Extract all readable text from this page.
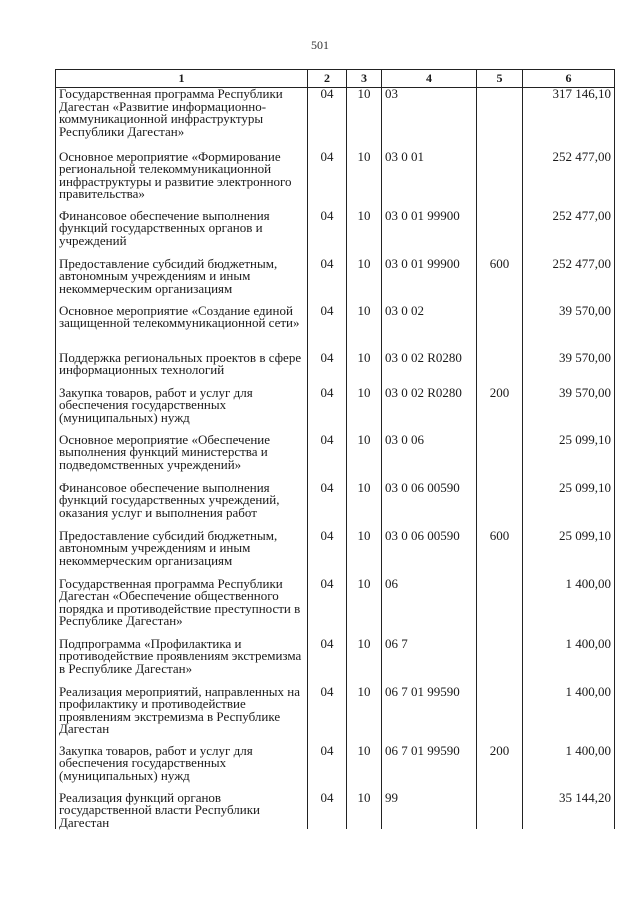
501
1	2	3	4	5	6
Государственная программа Республики Дагестан «Развитие информационно-коммуникационной инфраструктуры Республики Дагестан»	04	10	03		317 146,10
Основное мероприятие «Формирование региональной телекоммуникационной инфраструктуры и развитие электронного правительства»	04	10	03 0 01		252 477,00
Финансовое обеспечение выполнения функций государственных органов и учреждений	04	10	03 0 01 99900		252 477,00
Предоставление субсидий бюджетным, автономным учреждениям и иным некоммерческим организациям	04	10	03 0 01 99900	600	252 477,00
Основное мероприятие «Создание единой защищенной телекоммуникационной сети»	04	10	03 0 02		39 570,00
Поддержка региональных проектов в сфере информационных технологий	04	10	03 0 02 R0280		39 570,00
Закупка товаров, работ и услуг для обеспечения государственных (муниципальных) нужд	04	10	03 0 02 R0280	200	39 570,00
Основное мероприятие «Обеспечение выполнения функций министерства и подведомственных учреждений»	04	10	03 0 06		25 099,10
Финансовое обеспечение выполнения функций государственных учреждений, оказания услуг и выполнения работ	04	10	03 0 06 00590		25 099,10
Предоставление субсидий бюджетным, автономным учреждениям и иным некоммерческим организациям	04	10	03 0 06 00590	600	25 099,10
Государственная программа Республики Дагестан «Обеспечение общественного порядка и противодействие преступности в Республике Дагестан»	04	10	06		1 400,00
Подпрограмма «Профилактика и противодействие проявлениям экстремизма в Республике Дагестан»	04	10	06 7		1 400,00
Реализация мероприятий, направленных на профилактику и противодействие проявлениям экстремизма в Республике Дагестан	04	10	06 7 01 99590		1 400,00
Закупка товаров, работ и услуг для обеспечения государственных (муниципальных) нужд	04	10	06 7 01 99590	200	1 400,00
Реализация функций органов государственной власти Республики Дагестан	04	10	99		35 144,20
